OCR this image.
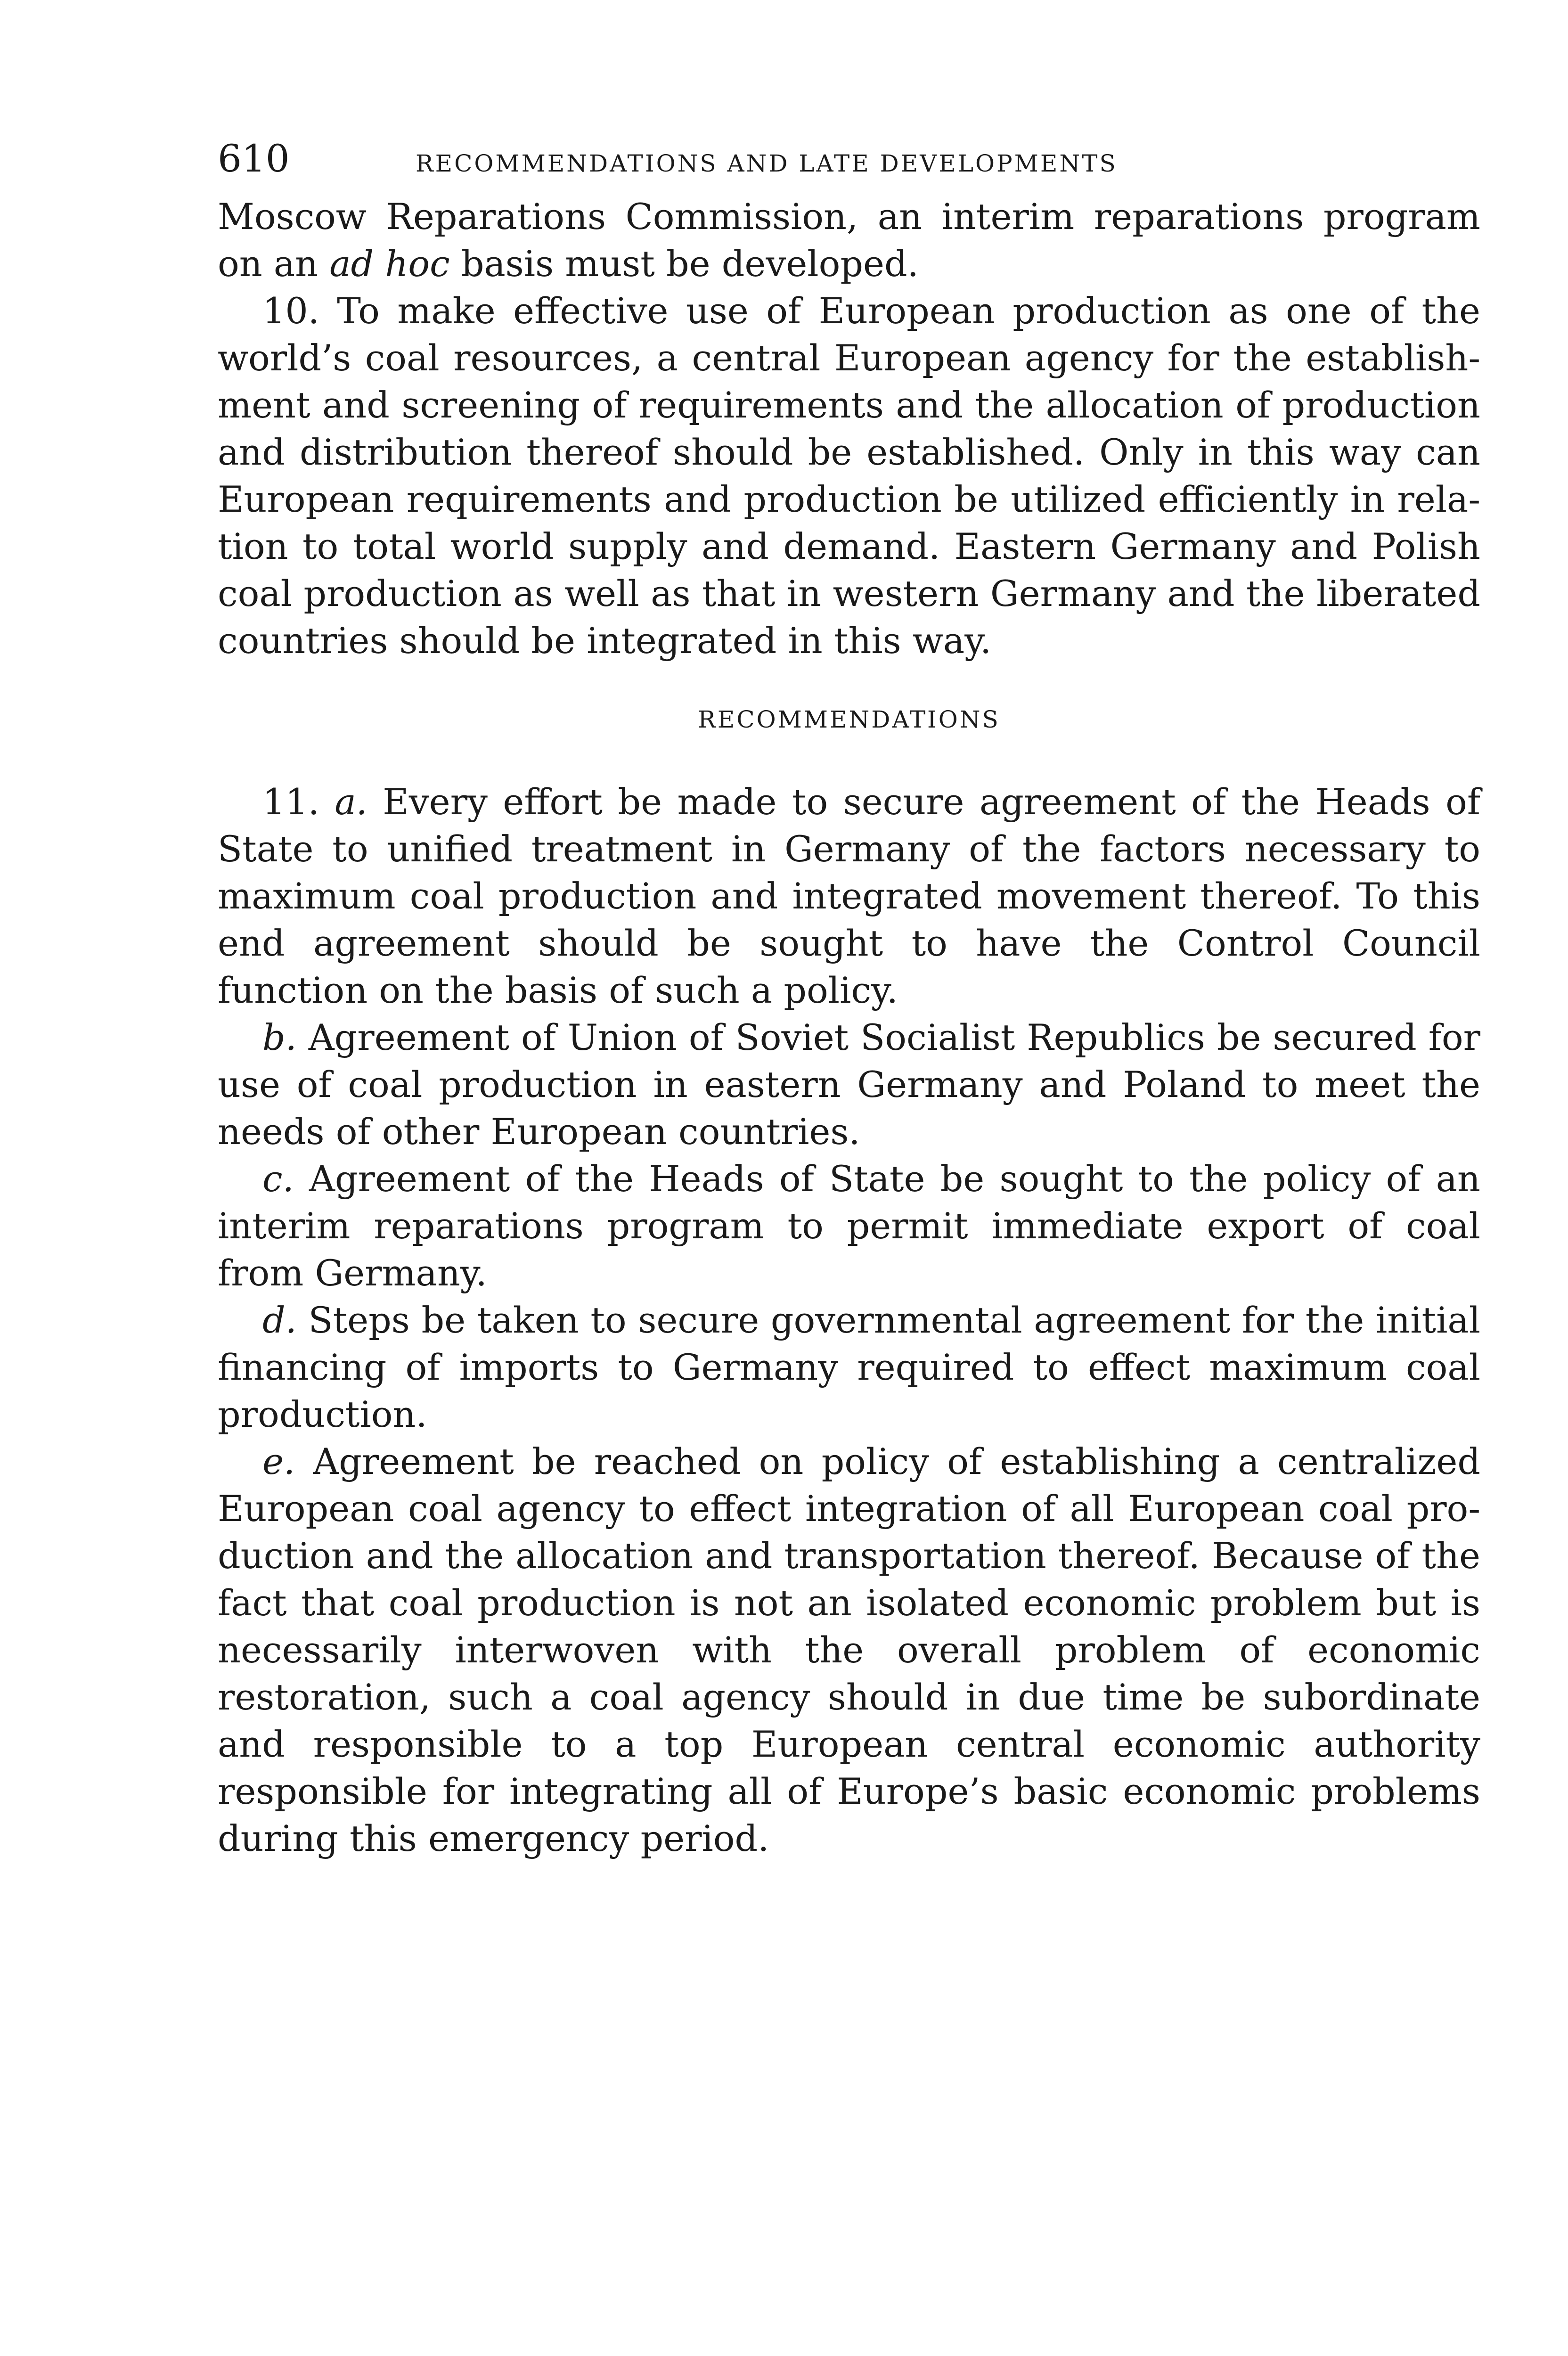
610	RECOMMENDATIONS AND LATE DEVELOPMENTS

Moscow Reparations Commission, an interim reparations program on an ad hoc basis must be developed.

10. To make effective use of European production as one of the world’s coal resources, a central European agency for the establishment and screening of requirements and the allocation of production and distribution thereof should be established. Only in this way can European requirements and production be utilized efficiently in relation to total world supply and demand. Eastern Germany and Polish coal production as well as that in western Germany and the liberated countries should be integrated in this way.

RECOMMENDATIONS

11. a. Every effort be made to secure agreement of the Heads of State to unified treatment in Germany of the factors necessary to maximum coal production and integrated movement thereof. To this end agreement should be sought to have the Control Council function on the basis of such a policy.

b. Agreement of Union of Soviet Socialist Republics be secured for use of coal production in eastern Germany and Poland to meet the needs of other European countries.

c. Agreement of the Heads of State be sought to the policy of an interim reparations program to permit immediate export of coal from Germany.

d. Steps be taken to secure governmental agreement for the initial financing of imports to Germany required to effect maximum coal production.

e. Agreement be reached on policy of establishing a centralized European coal agency to effect integration of all European coal production and the allocation and transportation thereof. Because of the fact that coal production is not an isolated economic problem but is necessarily interwoven with the overall problem of economic restoration, such a coal agency should in due time be subordinate and responsible to a top European central economic authority responsible for integrating all of Europe’s basic economic problems during this emergency period.
